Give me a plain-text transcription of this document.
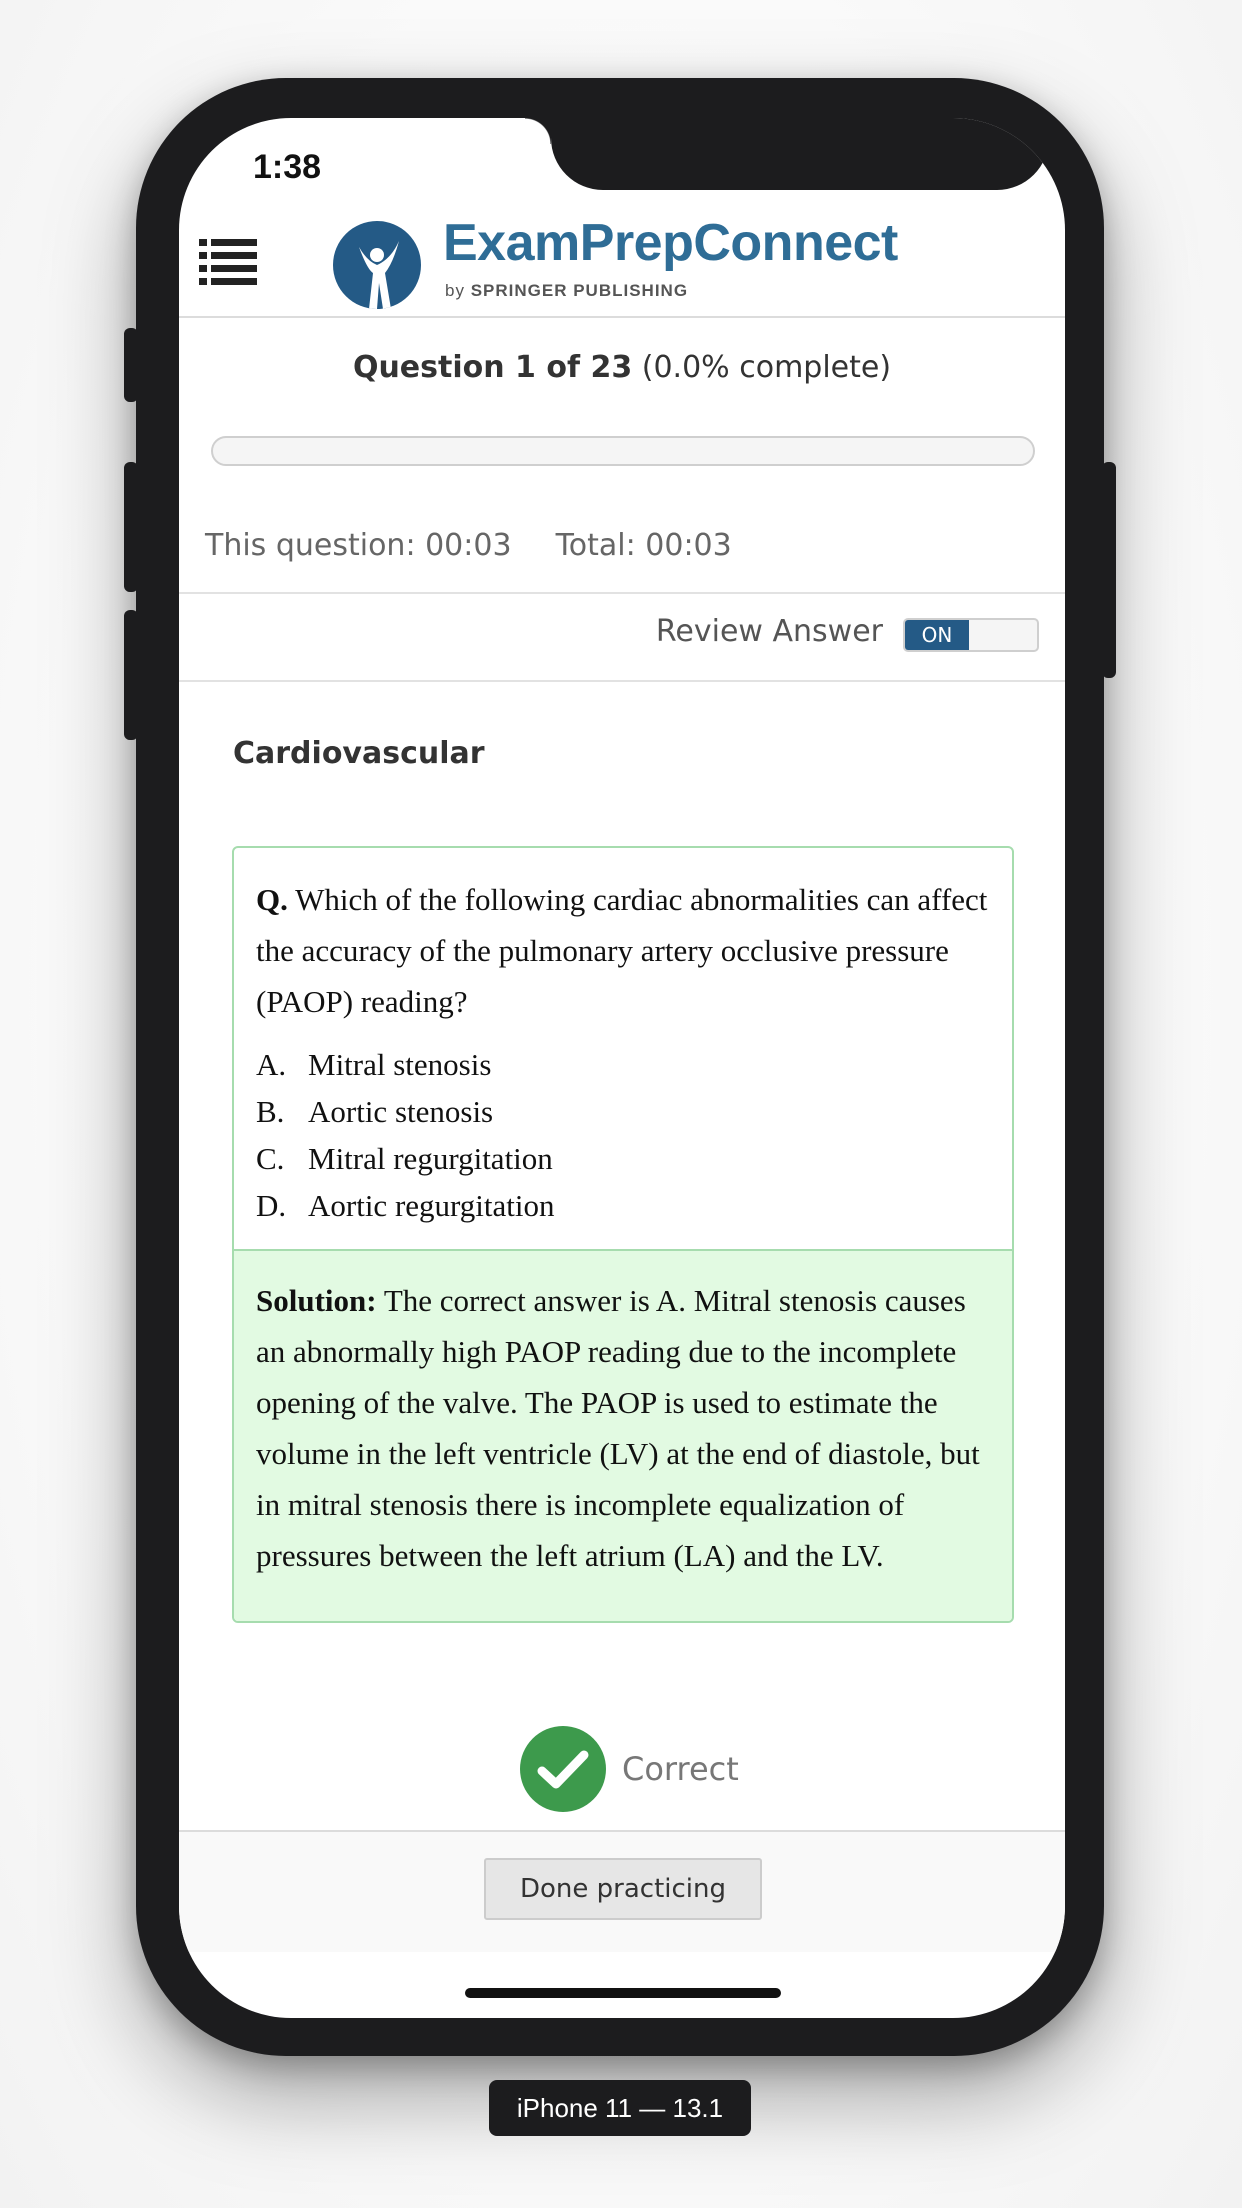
1:38
ExamPrepConnect
by SPRINGER PUBLISHING
Question 1 of 23 (0.0% complete)
This question: 00:03 Total: 00:03
Review Answer	ON
Cardiovascular
Q. Which of the following cardiac abnormalities can affect the accuracy of the pulmonary artery occlusive pressure (PAOP) reading?
A. Mitral stenosis
B. Aortic stenosis
C. Mitral regurgitation
D. Aortic regurgitation
Solution: The correct answer is A. Mitral stenosis causes an abnormally high PAOP reading due to the incomplete opening of the valve. The PAOP is used to estimate the volume in the left ventricle (LV) at the end of diastole, but in mitral stenosis there is incomplete equalization of pressures between the left atrium (LA) and the LV.
Correct
Done practicing
iPhone 11 — 13.1
